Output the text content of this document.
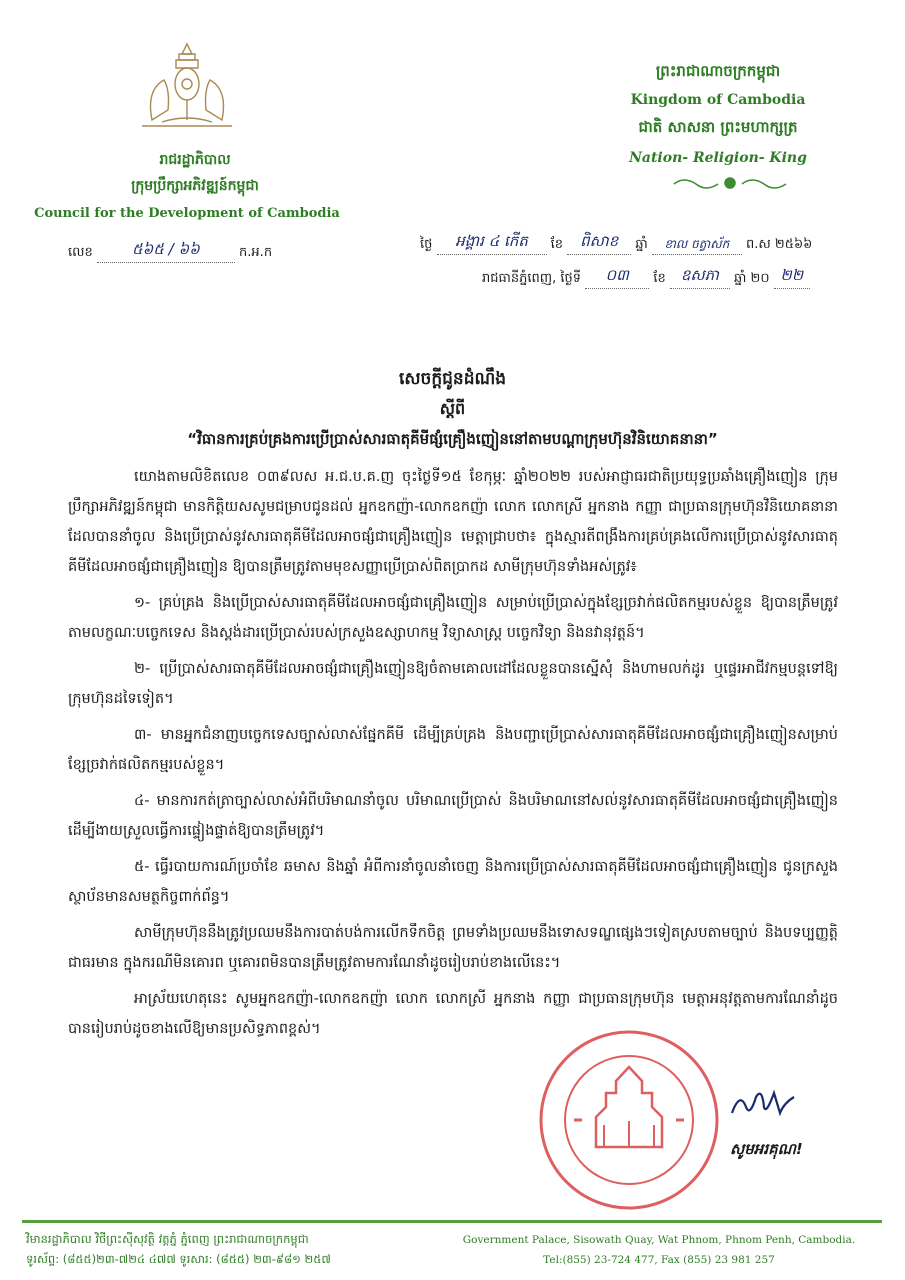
រាជរដ្ឋាភិបាល
ក្រុមប្រឹក្សាអភិវឌ្ឍន៍កម្ពុជា
Council for the Development of Cambodia
ព្រះរាជាណាចក្រកម្ពុជា
Kingdom of Cambodia
ជាតិ សាសនា ព្រះមហាក្សត្រ
Nation- Religion- King
លេខ	៥៦៥ / ៦៦	ក.អ.ក
ថ្ងៃ អង្គារ ៤ កើត ខែ ពិសាខ ឆ្នាំ ខាល ចត្វាស័ក ព.ស ២៥៦៦
រាជធានីភ្នំពេញ, ថ្ងៃទី ០៣ ខែ ឧសភា ឆ្នាំ ២០ ២២
សេចក្តីជូនដំណឹង
ស្តីពី
“វិធានការគ្រប់គ្រងការប្រើប្រាស់សារធាតុគីមីផ្សំគ្រឿងញៀននៅតាមបណ្តាក្រុមហ៊ុនវិនិយោគនានា”

យោងតាមលិខិតលេខ ០៣៩លស អ.ជ.ប.គ.ញ ចុះថ្ងៃទី១៥ ខែកុម្ភៈ ឆ្នាំ២០២២ របស់អាជ្ញាធរជាតិប្រយុទ្ធប្រឆាំងគ្រឿងញៀន ក្រុមប្រឹក្សាអភិវឌ្ឍន៍កម្ពុជា មានកិត្តិយសសូមជម្រាបជូនដល់ អ្នកឧកញ៉ា-លោកឧកញ៉ា លោក លោកស្រី អ្នកនាង កញ្ញា ជាប្រធានក្រុមហ៊ុនវិនិយោគនានា ដែលបាននាំចូល និងប្រើប្រាស់នូវសារធាតុគីមីដែលអាចផ្សំជាគ្រឿងញៀន មេត្តាជ្រាបថា៖ ក្នុងស្មារតីពង្រឹងការគ្រប់គ្រងលើការប្រើប្រាស់នូវសារធាតុគីមីដែលអាចផ្សំជាគ្រឿងញៀន ឱ្យបានត្រឹមត្រូវតាមមុខសញ្ញាប្រើប្រាស់ពិតប្រាកដ សាមីក្រុមហ៊ុនទាំងអស់ត្រូវ៖

១- គ្រប់គ្រង និងប្រើប្រាស់សារធាតុគីមីដែលអាចផ្សំជាគ្រឿងញៀន សម្រាប់ប្រើប្រាស់ក្នុងខ្សែច្រវាក់ផលិតកម្មរបស់ខ្លួន ឱ្យបានត្រឹមត្រូវតាមលក្ខណៈបច្ចេកទេស និងស្តង់ដារប្រើប្រាស់របស់ក្រសួងឧស្សាហកម្ម វិទ្យាសាស្ត្រ បច្ចេកវិទ្យា និងនវានុវត្តន៍។

២- ប្រើប្រាស់សារធាតុគីមីដែលអាចផ្សំជាគ្រឿងញៀនឱ្យចំតាមគោលដៅដែលខ្លួនបានស្នើសុំ និងហាមលក់ដូរ ឬផ្ទេរអាជីវកម្មបន្តទៅឱ្យក្រុមហ៊ុនដទៃទៀត។

៣- មានអ្នកជំនាញបច្ចេកទេសច្បាស់លាស់ផ្នែកគីមី ដើម្បីគ្រប់គ្រង និងបញ្ជាប្រើប្រាស់សារធាតុគីមីដែលអាចផ្សំជាគ្រឿងញៀនសម្រាប់ខ្សែច្រវាក់ផលិតកម្មរបស់ខ្លួន។

៤- មានការកត់ត្រាច្បាស់លាស់អំពីបរិមាណនាំចូល បរិមាណប្រើប្រាស់ និងបរិមាណនៅសល់នូវសារធាតុគីមីដែលអាចផ្សំជាគ្រឿងញៀន ដើម្បីងាយស្រួលធ្វើការផ្ទៀងផ្ទាត់ឱ្យបានត្រឹមត្រូវ។

៥- ធ្វើរបាយការណ៍ប្រចាំខែ ឆមាស និងឆ្នាំ អំពីការនាំចូលនាំចេញ និងការប្រើប្រាស់សារធាតុគីមីដែលអាចផ្សំជាគ្រឿងញៀន ជូនក្រសួងស្ថាប័នមានសមត្ថកិច្ចពាក់ព័ន្ធ។

សាមីក្រុមហ៊ុននឹងត្រូវប្រឈមនឹងការបាត់បង់ការលើកទឹកចិត្ត ព្រមទាំងប្រឈមនឹងទោសទណ្ឌផ្សេងៗទៀតស្របតាមច្បាប់ និងបទប្បញ្ញត្តិជាធរមាន ក្នុងករណីមិនគោរព ឬគោរពមិនបានត្រឹមត្រូវតាមការណែនាំដូចរៀបរាប់ខាងលើនេះ។

អាស្រ័យហេតុនេះ សូមអ្នកឧកញ៉ា-លោកឧកញ៉ា លោក លោកស្រី អ្នកនាង កញ្ញា ជាប្រធានក្រុមហ៊ុន មេត្តាអនុវត្តតាមការណែនាំដូចបានរៀបរាប់ដូចខាងលើឱ្យមានប្រសិទ្ធភាពខ្ពស់។

សូមអរគុណ!
វិមានរដ្ឋាភិបាល វិថីព្រះស៊ីសុវត្ថិ វត្តភ្នំ ភ្នំពេញ ព្រះរាជាណាចក្រកម្ពុជា
ទូរស័ព្ទ: (៨៥៥)២៣-៧២៤ ៤៧៧ ទូរសារ: (៨៥៥) ២៣-៩៨១ ២៥៧
Government Palace, Sisowath Quay, Wat Phnom, Phnom Penh, Cambodia.
Tel:(855) 23-724 477, Fax (855) 23 981 257
